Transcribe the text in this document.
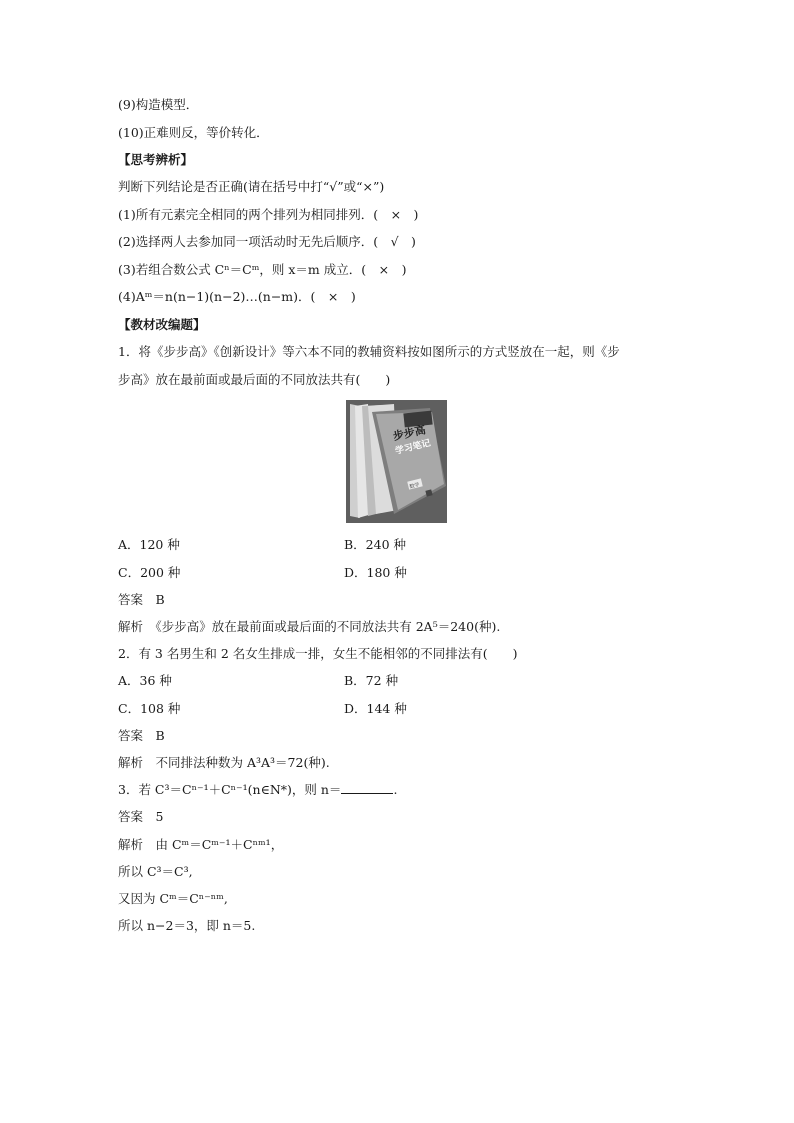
(9)构造模型．
(10)正难则反，等价转化．
【思考辨析】
判断下列结论是否正确(请在括号中打“√”或“×”)
(1)所有元素完全相同的两个排列为相同排列．(　×　)
(2)选择两人去参加同一项活动时无先后顺序．(　√　)
(3)若组合数公式 Cⁿ＝Cᵐ，则 x＝m 成立．(　×　)
(4)Aᵐ＝n(n−1)(n−2)…(n−m)．(　×　)
【教材改编题】
1．将《步步高》《创新设计》等六本不同的教辅资料按如图所示的方式竖放在一起，则《步
步高》放在最前面或最后面的不同放法共有(　　)
步步高
学习笔记
数学
A．120 种	B．240 种
C．200 种	D．180 种
答案　B
解析　《步步高》放在最前面或最后面的不同放法共有 2A⁵＝240(种).
2．有 3 名男生和 2 名女生排成一排，女生不能相邻的不同排法有(　　)
A．36 种	B．72 种
C．108 种	D．144 种
答案　B
解析　不同排法种数为 A³A³＝72(种).
3．若 C³＝Cⁿ⁻¹＋Cⁿ⁻¹(n∈N*)，则 n＝	.
答案　5
解析　由 Cᵐ＝Cᵐ⁻¹＋Cⁿᵐ¹，
所以 C³＝C³,
又因为 Cᵐ＝Cⁿ⁻ⁿᵐ,
所以 n−2＝3，即 n＝5.
